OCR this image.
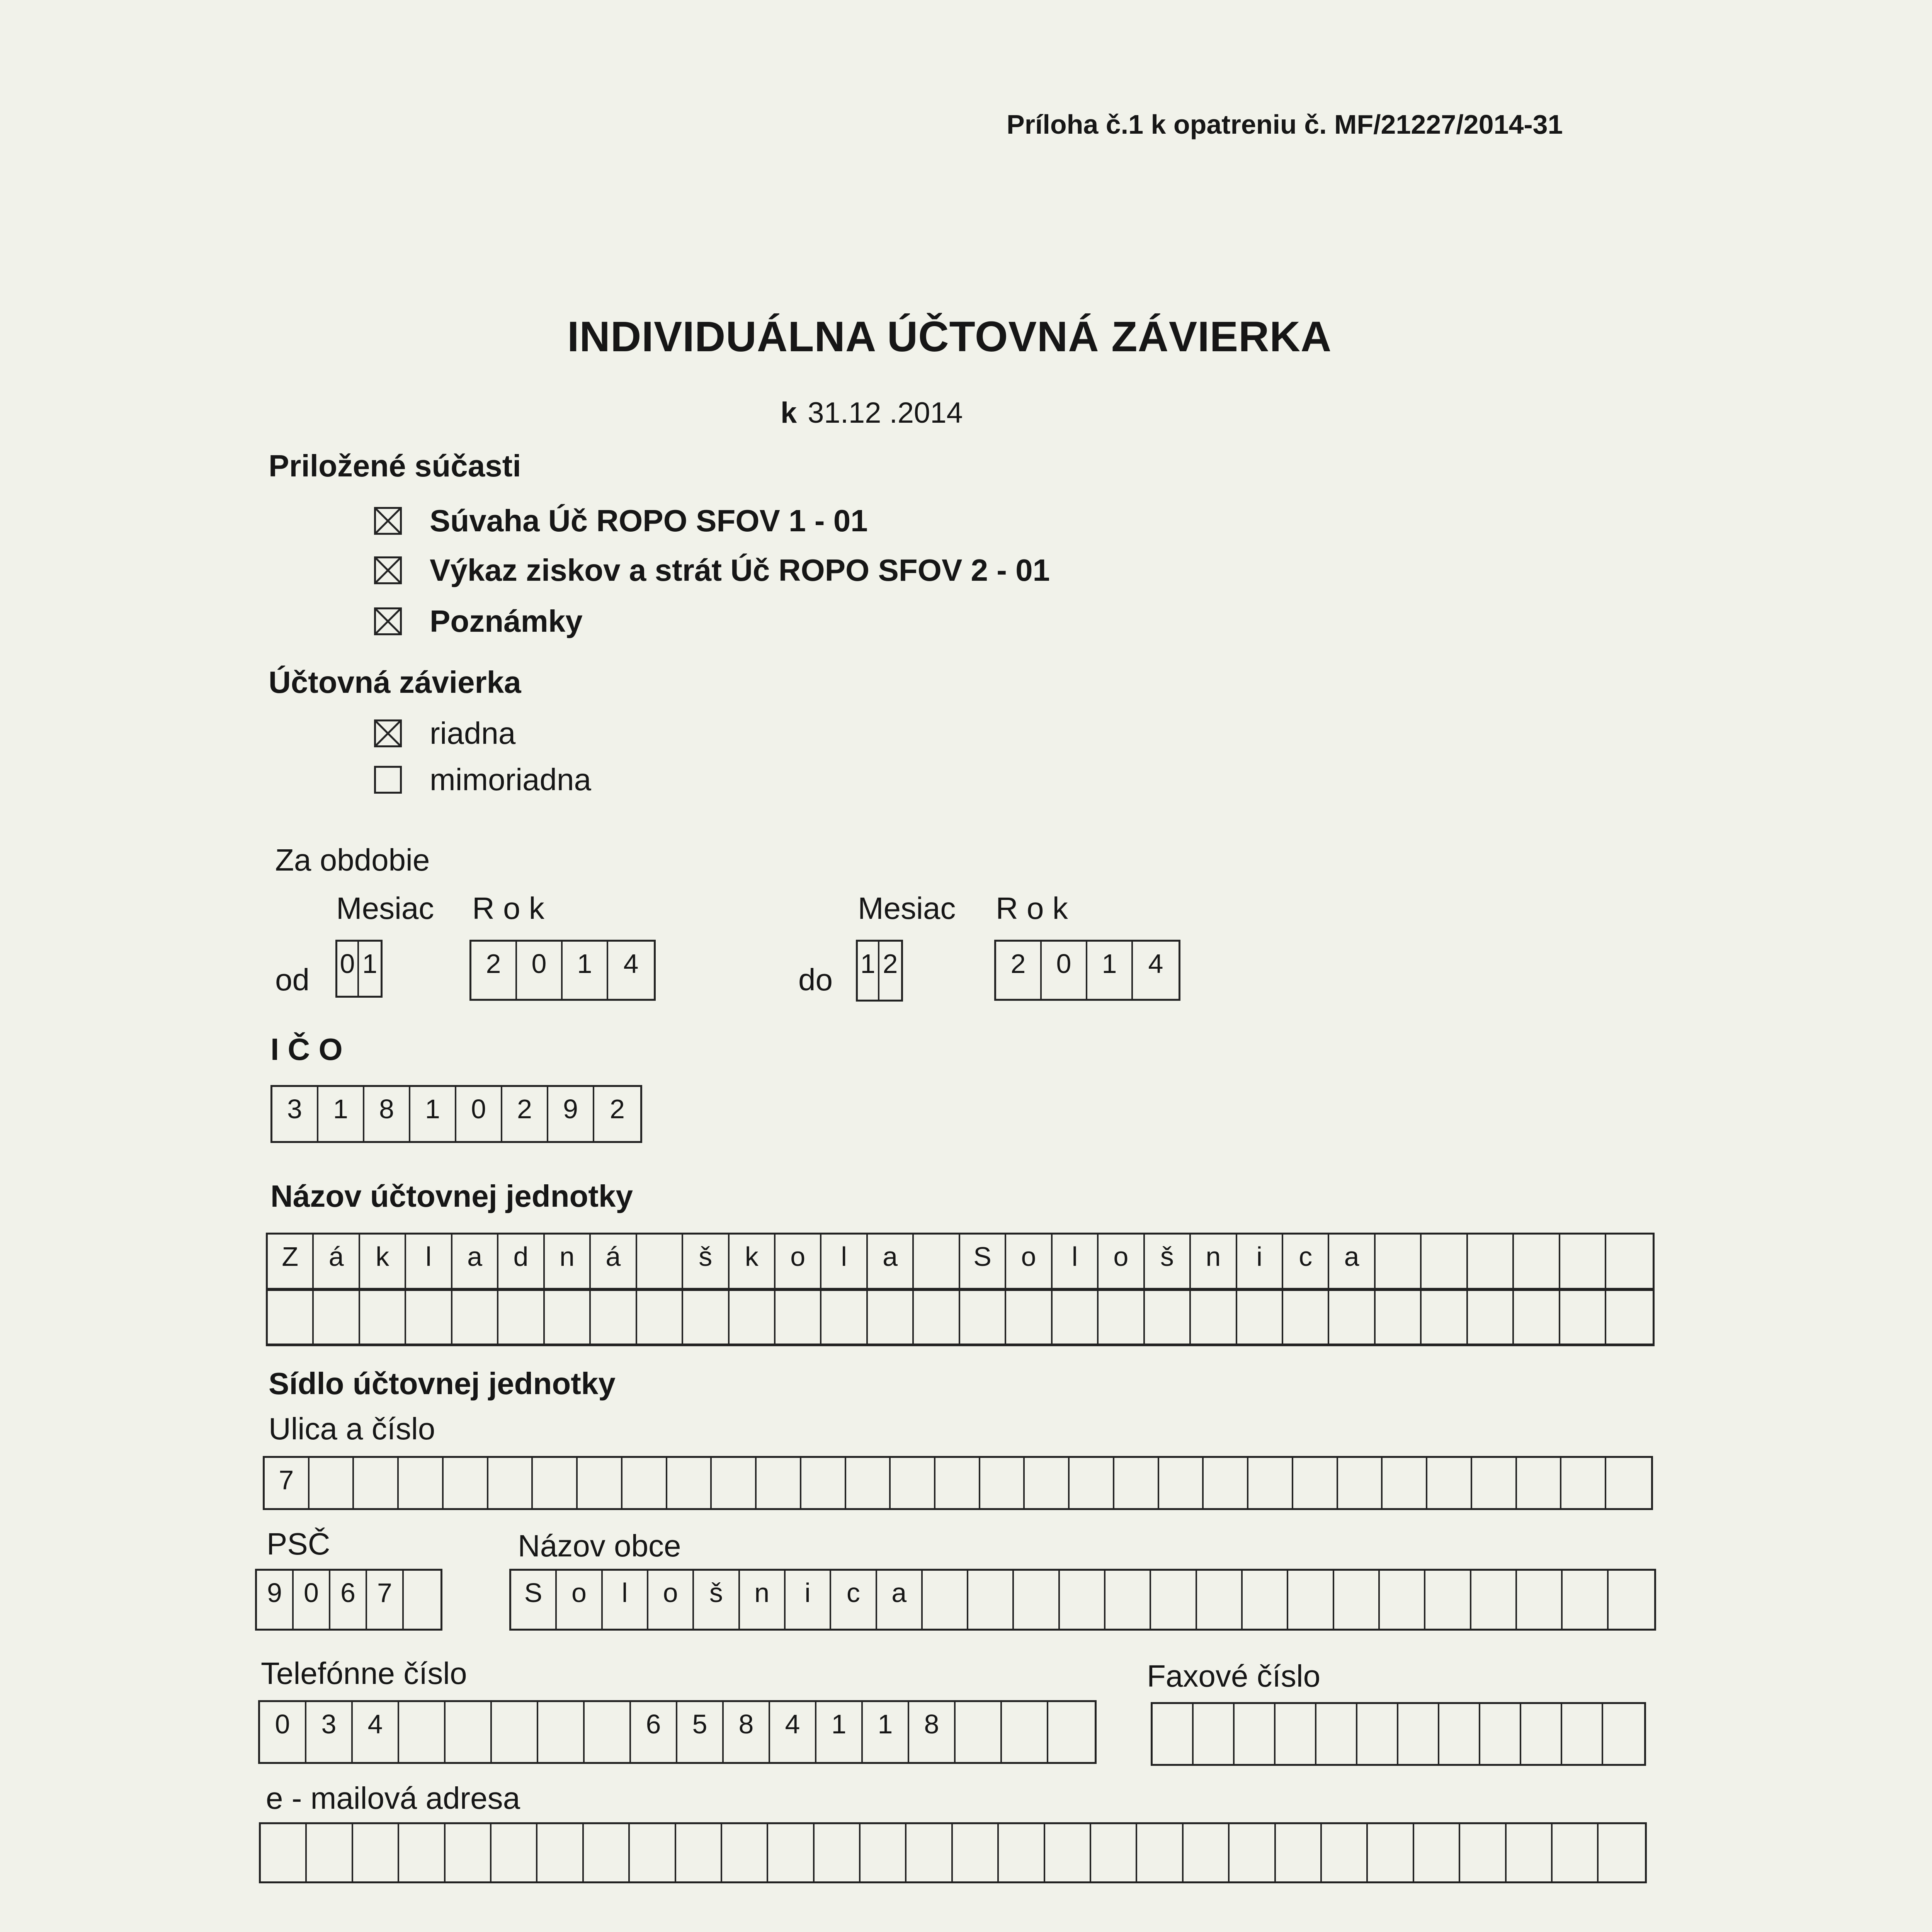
Príloha č.1 k opatreniu č. MF/21227/2014-31
INDIVIDUÁLNA ÚČTOVNÁ ZÁVIERKA
k 31.12 .2014
Priložené súčasti
Súvaha Úč ROPO SFOV 1 - 01
Výkaz ziskov a strát Úč ROPO SFOV 2 - 01
Poznámky
Účtovná závierka
riadna
mimoriadna
Za obdobie
Mesiac R o k	Mesiac R o k
od	do
0 1	2	0	1	4	1 2	2	0	1	4
I Č O
3	1	8	1	0	2	9	2
Názov účtovnej jednotky
Z	á	k	l	a	d	n	á	š	k	o	l	a	S	o	l	o	š	n	i	c	a
Sídlo účtovnej jednotky
Ulica a číslo
7
PSČ	Názov obce
9 0 6 7	S	o	l	o	š	n	i	c	a
Telefónne číslo	Faxové číslo
0	3	4	6	5	8	4	1	1	8
e - mailová adresa
